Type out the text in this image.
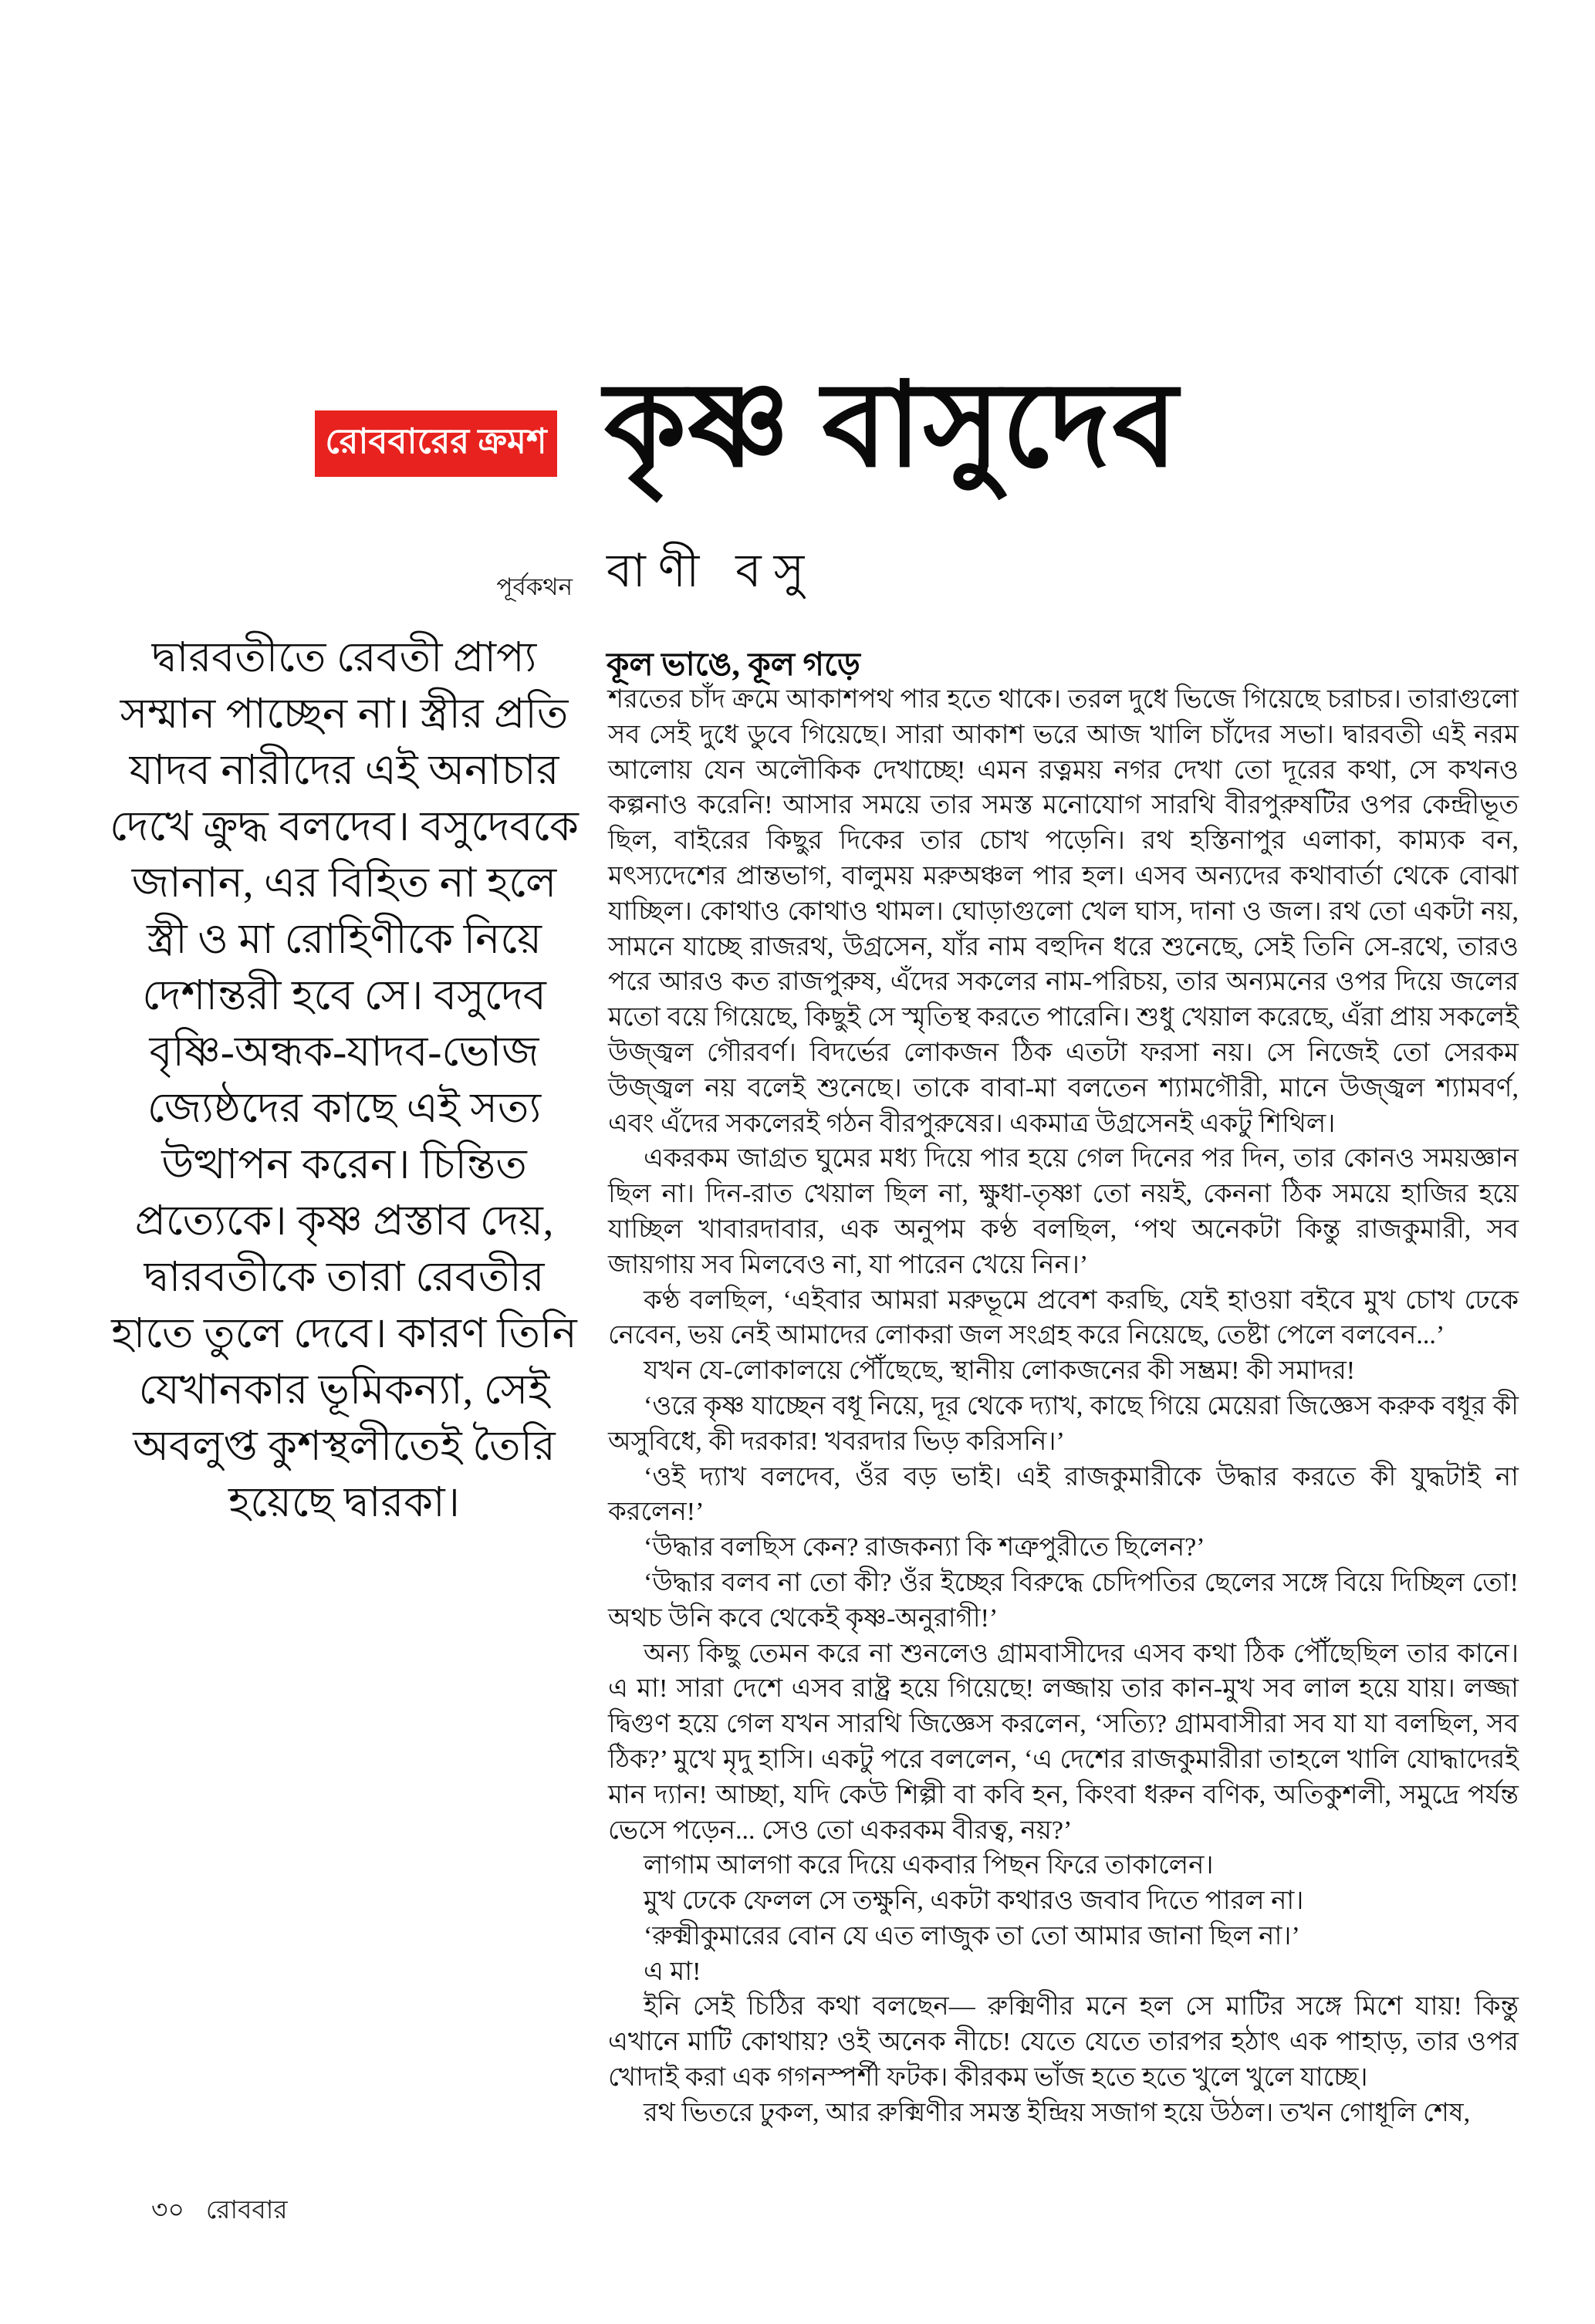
রোববারের ক্রমশ কৃষ্ণ বাসুদেব
পূর্বকথন বাণী বসু
কূল ভাঙে, কূল গড়ে
দ্বারবতীতে রেবতী প্রাপ্য সম্মান পাচ্ছেন না। স্ত্রীর প্রতি যাদব নারীদের এই অনাচার দেখে ক্রুদ্ধ বলদেব। বসুদেবকে জানান, এর বিহিত না হলে স্ত্রী ও মা রোহিণীকে নিয়ে দেশান্তরী হবে সে। বসুদেব বৃষ্ণি-অন্ধক-যাদব-ভোজ জ্যেষ্ঠদের কাছে এই সত্য উত্থাপন করেন। চিন্তিত প্রত্যেকে। কৃষ্ণ প্রস্তাব দেয়, দ্বারবতীকে তারা রেবতীর হাতে তুলে দেবে। কারণ তিনি যেখানকার ভূমিকন্যা, সেই অবলুপ্ত কুশস্থলীতেই তৈরি হয়েছে দ্বারকা।

শরতের চাঁদ ক্রমে আকাশপথ পার হতে থাকে। তরল দুধে ভিজে গিয়েছে চরাচর। তারাগুলো সব সেই দুধে ডুবে গিয়েছে। সারা আকাশ ভরে আজ খালি চাঁদের সভা। দ্বারবতী এই নরম আলোয় যেন অলৌকিক দেখাচ্ছে! এমন রত্নময় নগর দেখা তো দূরের কথা, সে কখনও কল্পনাও করেনি! আসার সময়ে তার সমস্ত মনোযোগ সারথি বীরপুরুষটির ওপর কেন্দ্রীভূত ছিল, বাইরের কিছুর দিকের তার চোখ পড়েনি। রথ হস্তিনাপুর এলাকা, কাম্যক বন, মৎস্যদেশের প্রান্তভাগ, বালুময় মরুঅঞ্চল পার হল। এসব অন্যদের কথাবার্তা থেকে বোঝা যাচ্ছিল। কোথাও কোথাও থামল। ঘোড়াগুলো খেল ঘাস, দানা ও জল। রথ তো একটা নয়, সামনে যাচ্ছে রাজরথ, উগ্রসেন, যাঁর নাম বহুদিন ধরে শুনেছে, সেই তিনি সে-রথে, তারও পরে আরও কত রাজপুরুষ, এঁদের সকলের নাম-পরিচয়, তার অন্যমনের ওপর দিয়ে জলের মতো বয়ে গিয়েছে, কিছুই সে স্মৃতিস্থ করতে পারেনি। শুধু খেয়াল করেছে, এঁরা প্রায় সকলেই উজ্জ্বল গৌরবর্ণ। বিদর্ভের লোকজন ঠিক এতটা ফরসা নয়। সে নিজেই তো সেরকম উজ্জ্বল নয় বলেই শুনেছে। তাকে বাবা-মা বলতেন শ্যামগৌরী, মানে উজ্জ্বল শ্যামবর্ণ, এবং এঁদের সকলেরই গঠন বীরপুরুষের। একমাত্র উগ্রসেনই একটু শিথিল।

একরকম জাগ্রত ঘুমের মধ্য দিয়ে পার হয়ে গেল দিনের পর দিন, তার কোনও সময়জ্ঞান ছিল না। দিন-রাত খেয়াল ছিল না, ক্ষুধা-তৃষ্ণা তো নয়ই, কেননা ঠিক সময়ে হাজির হয়ে যাচ্ছিল খাবারদাবার, এক অনুপম কণ্ঠ বলছিল, ‘পথ অনেকটা কিন্তু রাজকুমারী, সব জায়গায় সব মিলবেও না, যা পারেন খেয়ে নিন।’

কণ্ঠ বলছিল, ‘এইবার আমরা মরুভূমে প্রবেশ করছি, যেই হাওয়া বইবে মুখ চোখ ঢেকে নেবেন, ভয় নেই আমাদের লোকরা জল সংগ্রহ করে নিয়েছে, তেষ্টা পেলে বলবেন...’

যখন যে-লোকালয়ে পৌঁছেছে, স্থানীয় লোকজনের কী সম্ভ্রম! কী সমাদর!

‘ওরে কৃষ্ণ যাচ্ছেন বধূ নিয়ে, দূর থেকে দ্যাখ, কাছে গিয়ে মেয়েরা জিজ্ঞেস করুক বধূর কী অসুবিধে, কী দরকার! খবরদার ভিড় করিসনি।’

‘ওই দ্যাখ বলদেব, ওঁর বড় ভাই। এই রাজকুমারীকে উদ্ধার করতে কী যুদ্ধটাই না করলেন!’

‘উদ্ধার বলছিস কেন? রাজকন্যা কি শত্রুপুরীতে ছিলেন?’

‘উদ্ধার বলব না তো কী? ওঁর ইচ্ছের বিরুদ্ধে চেদিপতির ছেলের সঙ্গে বিয়ে দিচ্ছিল তো! অথচ উনি কবে থেকেই কৃষ্ণ-অনুরাগী!’

অন্য কিছু তেমন করে না শুনলেও গ্রামবাসীদের এসব কথা ঠিক পৌঁছেছিল তার কানে। এ মা! সারা দেশে এসব রাষ্ট্র হয়ে গিয়েছে! লজ্জায় তার কান-মুখ সব লাল হয়ে যায়। লজ্জা দ্বিগুণ হয়ে গেল যখন সারথি জিজ্ঞেস করলেন, ‘সত্যি? গ্রামবাসীরা সব যা যা বলছিল, সব ঠিক?’ মুখে মৃদু হাসি। একটু পরে বললেন, ‘এ দেশের রাজকুমারীরা তাহলে খালি যোদ্ধাদেরই মান দ্যান! আচ্ছা, যদি কেউ শিল্পী বা কবি হন, কিংবা ধরুন বণিক, অতিকুশলী, সমুদ্রে পর্যন্ত ভেসে পড়েন... সেও তো একরকম বীরত্ব, নয়?’

লাগাম আলগা করে দিয়ে একবার পিছন ফিরে তাকালেন।

মুখ ঢেকে ফেলল সে তক্ষুনি, একটা কথারও জবাব দিতে পারল না।

‘রুক্মীকুমারের বোন যে এত লাজুক তা তো আমার জানা ছিল না।’

এ মা!

ইনি সেই চিঠির কথা বলছেন— রুক্মিণীর মনে হল সে মাটির সঙ্গে মিশে যায়! কিন্তু এখানে মাটি কোথায়? ওই অনেক নীচে! যেতে যেতে তারপর হঠাৎ এক পাহাড়, তার ওপর খোদাই করা এক গগনস্পর্শী ফটক। কীরকম ভাঁজ হতে হতে খুলে খুলে যাচ্ছে।

রথ ভিতরে ঢুকল, আর রুক্মিণীর সমস্ত ইন্দ্রিয় সজাগ হয়ে উঠল। তখন গোধূলি শেষ,

৩০ রোববার
